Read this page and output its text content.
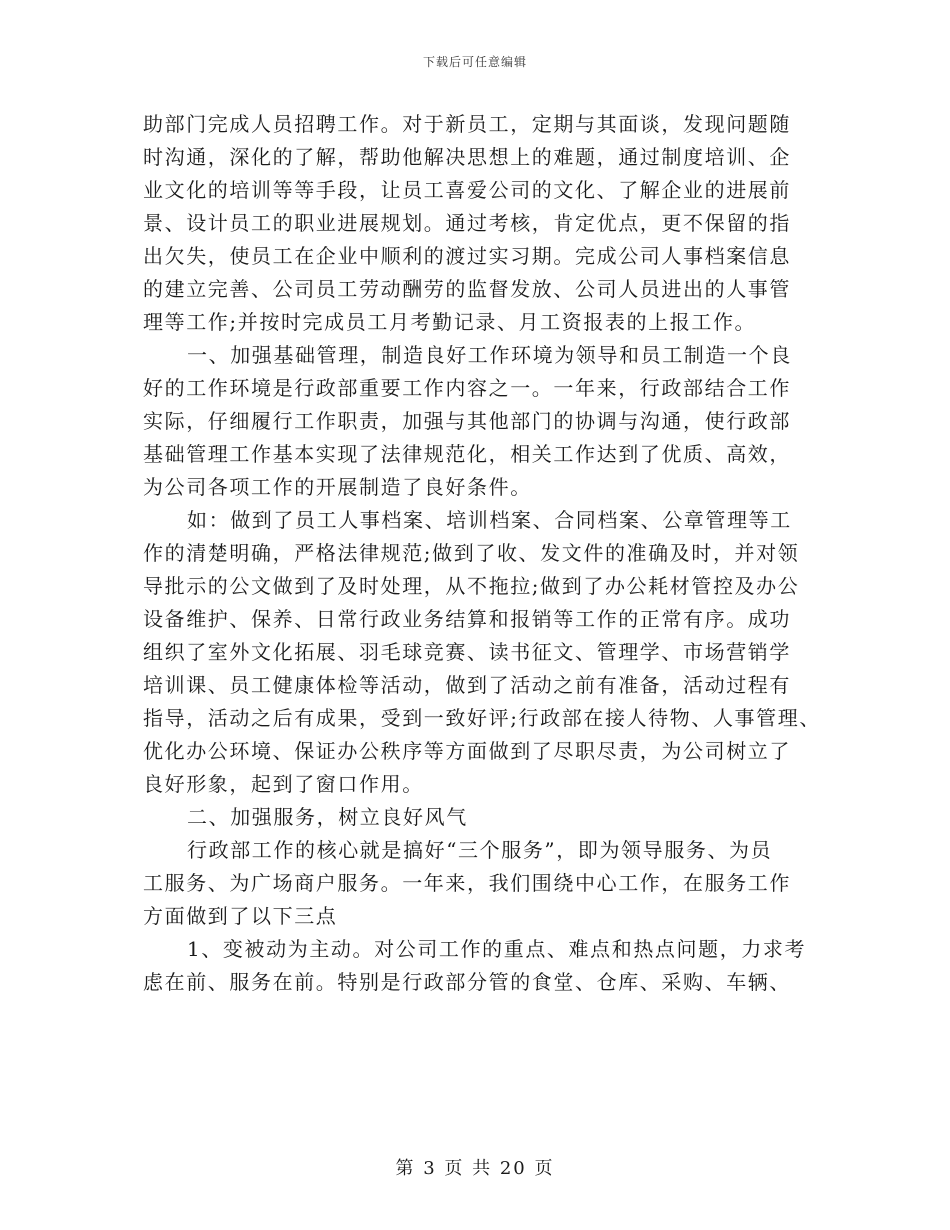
下载后可任意编辑
助部门完成人员招聘工作。对于新员工，定期与其面谈，发现问题随
时沟通，深化的了解，帮助他解决思想上的难题，通过制度培训、企
业文化的培训等等手段，让员工喜爱公司的文化、了解企业的进展前
景、设计员工的职业进展规划。通过考核，肯定优点，更不保留的指
出欠失，使员工在企业中顺利的渡过实习期。完成公司人事档案信息
的建立完善、公司员工劳动酬劳的监督发放、公司人员进出的人事管
理等工作;并按时完成员工月考勤记录、月工资报表的上报工作。
一、加强基础管理，制造良好工作环境为领导和员工制造一个良
好的工作环境是行政部重要工作内容之一。一年来，行政部结合工作
实际，仔细履行工作职责，加强与其他部门的协调与沟通，使行政部
基础管理工作基本实现了法律规范化，相关工作达到了优质、高效，
为公司各项工作的开展制造了良好条件。
如：做到了员工人事档案、培训档案、合同档案、公章管理等工
作的清楚明确，严格法律规范;做到了收、发文件的准确及时，并对领
导批示的公文做到了及时处理，从不拖拉;做到了办公耗材管控及办公
设备维护、保养、日常行政业务结算和报销等工作的正常有序。成功
组织了室外文化拓展、羽毛球竞赛、读书征文、管理学、市场营销学
培训课、员工健康体检等活动，做到了活动之前有准备，活动过程有
指导，活动之后有成果，受到一致好评;行政部在接人待物、人事管理、
优化办公环境、保证办公秩序等方面做到了尽职尽责，为公司树立了
良好形象，起到了窗口作用。
二、加强服务，树立良好风气
行政部工作的核心就是搞好“三个服务”，即为领导服务、为员
工服务、为广场商户服务。一年来，我们围绕中心工作，在服务工作
方面做到了以下三点
1、变被动为主动。对公司工作的重点、难点和热点问题，力求考
虑在前、服务在前。特别是行政部分管的食堂、仓库、采购、车辆、
第 3 页 共 20 页
